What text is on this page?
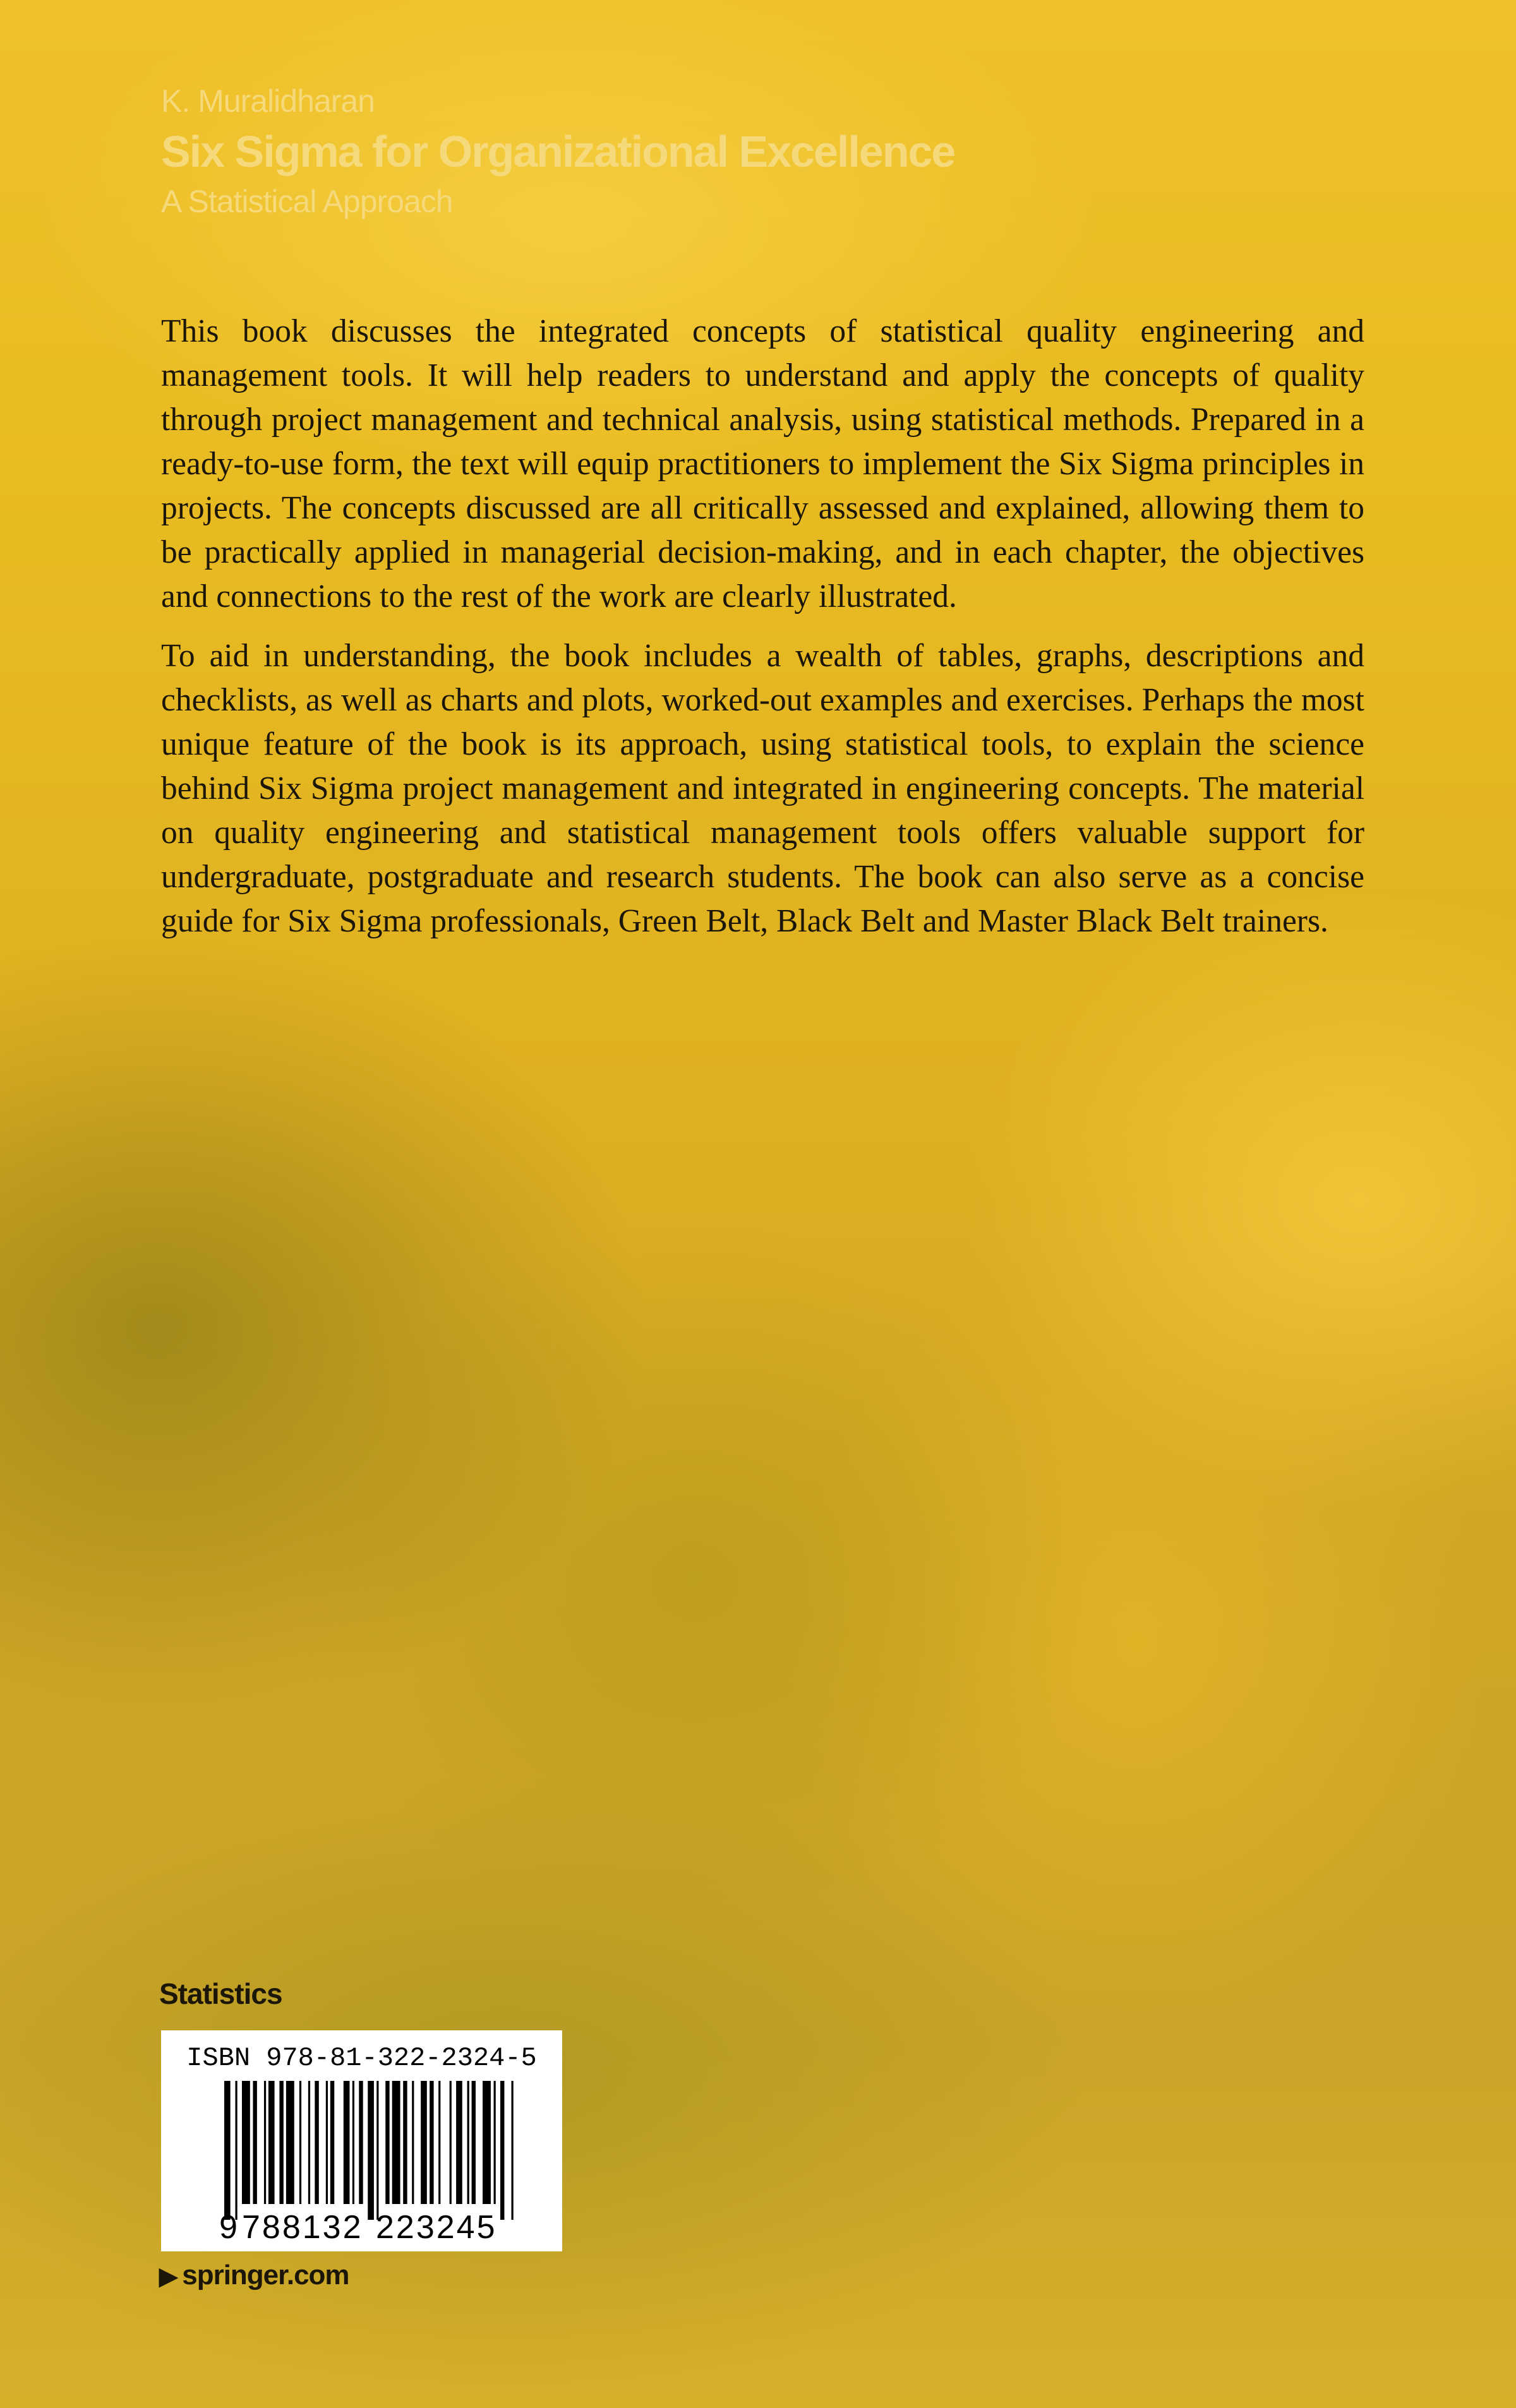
K. Muralidharan
Six Sigma for Organizational Excellence
A Statistical Approach

This book discusses the integrated concepts of statistical quality engineering and management tools. It will help readers to understand and apply the concepts of quality through project management and technical analysis, using statistical methods. Prepared in a ready-to-use form, the text will equip practitioners to implement the Six Sigma principles in projects. The concepts discussed are all critically assessed and explained, allowing them to be practically applied in managerial decision-making, and in each chapter, the objectives and connections to the rest of the work are clearly illustrated.

To aid in understanding, the book includes a wealth of tables, graphs, descriptions and checklists, as well as charts and plots, worked-out examples and exercises. Perhaps the most unique feature of the book is its approach, using statistical tools, to explain the science behind Six Sigma project management and integrated in engineering concepts. The material on quality engineering and statistical management tools offers valuable support for undergraduate, postgraduate and research students. The book can also serve as a concise guide for Six Sigma professionals, Green Belt, Black Belt and Master Black Belt trainers.

Statistics
ISBN 978-81-322-2324-5
9 788132 223245
▶ springer.com
